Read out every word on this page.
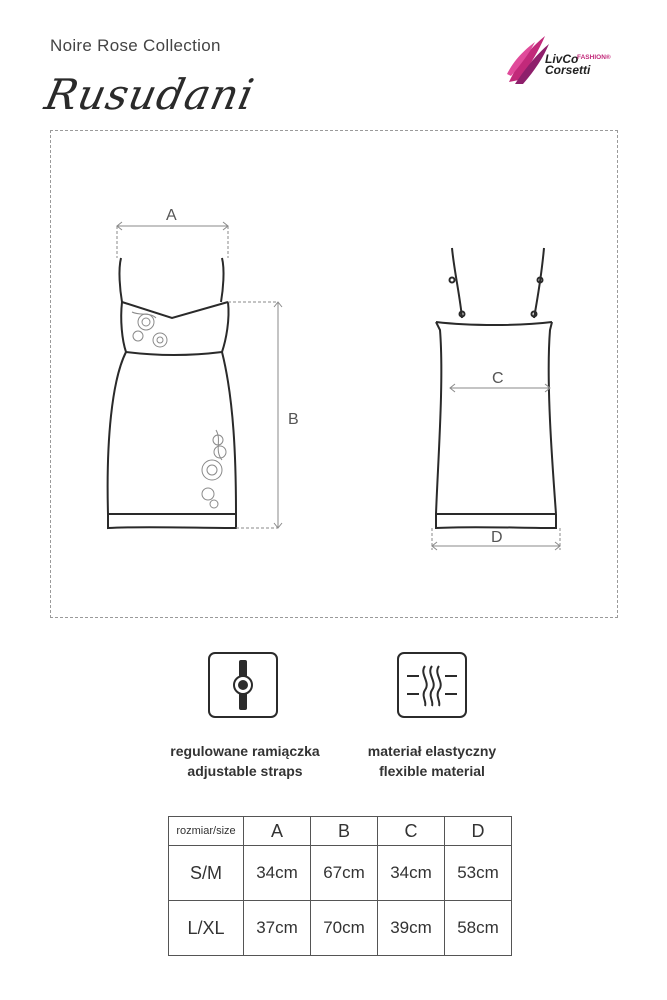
Noire Rose Collection
Rusudani
LivCo
FASHION®
Corsetti
A
B
C
D
regulowane ramiączka
adjustable straps
materiał elastyczny
flexible material
rozmiar/size	A	B	C	D
S/M	34cm	67cm	34cm	53cm
L/XL	37cm	70cm	39cm	58cm
